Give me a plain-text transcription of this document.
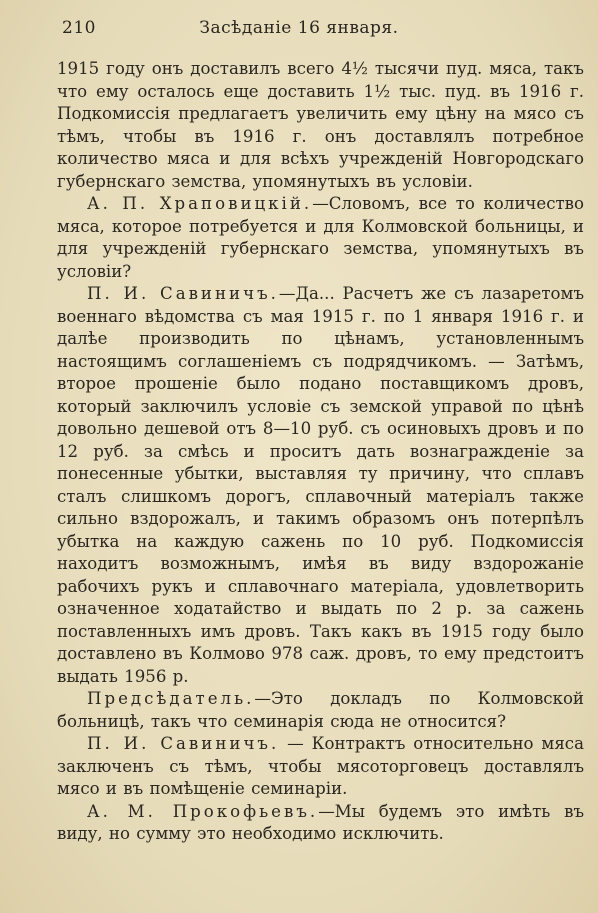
210	Засѣданіе 16 января.

1915 году онъ доставилъ всего 4½ тысячи пуд. мяса, такъ что ему осталось еще доставить 1½ тыс. пуд. въ 1916 г. Подкомиссія предлагаетъ увеличить ему цѣну на мясо съ тѣмъ, чтобы въ 1916 г. онъ доставлялъ потребное количество мяса и для всѣхъ учрежденій Новгородскаго губернскаго земства, упомянутыхъ въ условіи.

А. П. Храповицкій.—Словомъ, все то количество мяса, которое потребуется и для Колмовской больницы, и для учрежденій губернскаго земства, упомянутыхъ въ условіи?

П. И. Савиничъ.—Да... Расчетъ же съ лазаретомъ военнаго вѣдомства съ мая 1915 г. по 1 января 1916 г. и далѣе производить по цѣнамъ, установленнымъ настоящимъ соглашеніемъ съ подрядчикомъ. — Затѣмъ, второе прошеніе было подано поставщикомъ дровъ, который заключилъ условіе съ земской управой по цѣнѣ довольно дешевой отъ 8—10 руб. съ осиновыхъ дровъ и по 12 руб. за смѣсь и проситъ дать вознагражденіе за понесенные убытки, выставляя ту причину, что сплавъ сталъ слишкомъ дорогъ, сплавочный матеріалъ также сильно вздорожалъ, и такимъ образомъ онъ потерпѣлъ убытка на каждую сажень по 10 руб. Подкомиссія находитъ возможнымъ, имѣя въ виду вздорожаніе рабочихъ рукъ и сплавочнаго матеріала, удовлетворить означенное ходатайство и выдать по 2 р. за сажень поставленныхъ имъ дровъ. Такъ какъ въ 1915 году было доставлено въ Колмово 978 саж. дровъ, то ему предстоитъ выдать 1956 р.

Предсѣдатель.—Это докладъ по Колмовской больницѣ, такъ что семинарія сюда не относится?

П. И. Савиничъ. — Контрактъ относительно мяса заключенъ съ тѣмъ, чтобы мясоторговецъ доставлялъ мясо и въ помѣщеніе семинаріи.

А. М. Прокофьевъ.—Мы будемъ это имѣть въ виду, но сумму это необходимо исключить.
